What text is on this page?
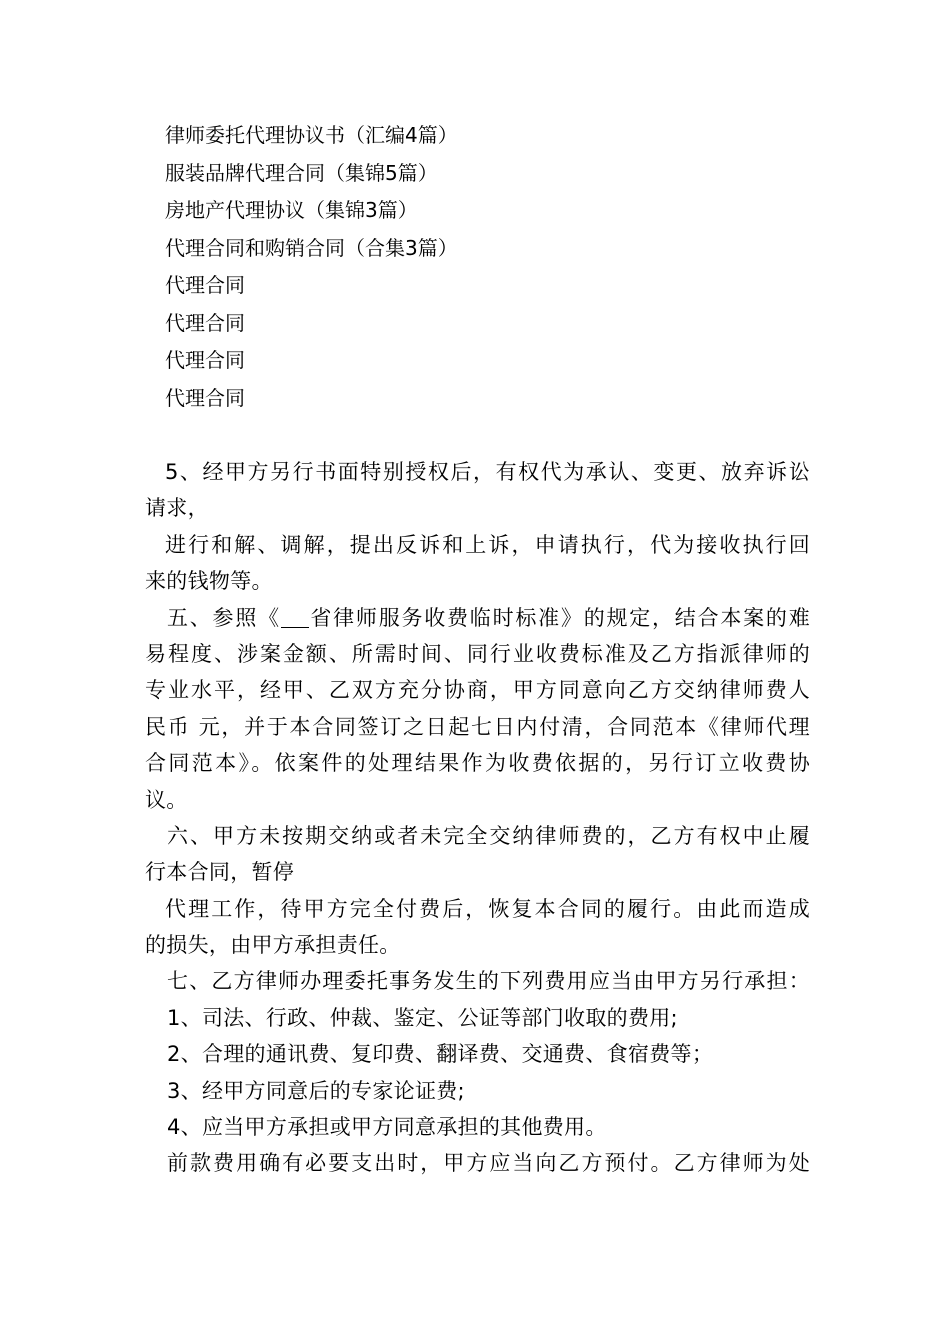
律师委托代理协议书（汇编4篇）
服装品牌代理合同（集锦5篇）
房地产代理协议（集锦3篇）
代理合同和购销合同（合集3篇）
代理合同
代理合同
代理合同
代理合同
5、经甲方另行书面特别授权后，有权代为承认、变更、放弃诉讼
请求，
进行和解、调解，提出反诉和上诉，申请执行，代为接收执行回
来的钱物等。
五、参照《 省律师服务收费临时标准》的规定，结合本案的难
易程度、涉案金额、所需时间、同行业收费标准及乙方指派律师的
专业水平，经甲、乙双方充分协商，甲方同意向乙方交纳律师费人
民币 元，并于本合同签订之日起七日内付清，合同范本《律师代理
合同范本》。依案件的处理结果作为收费依据的，另行订立收费协
议。
六、甲方未按期交纳或者未完全交纳律师费的，乙方有权中止履
行本合同，暂停
代理工作，待甲方完全付费后，恢复本合同的履行。由此而造成
的损失，由甲方承担责任。
七、乙方律师办理委托事务发生的下列费用应当由甲方另行承担：
1、司法、行政、仲裁、鉴定、公证等部门收取的费用;
2、合理的通讯费、复印费、翻译费、交通费、食宿费等；
3、经甲方同意后的专家论证费;
4、应当甲方承担或甲方同意承担的其他费用。
前款费用确有必要支出时，甲方应当向乙方预付。乙方律师为处
